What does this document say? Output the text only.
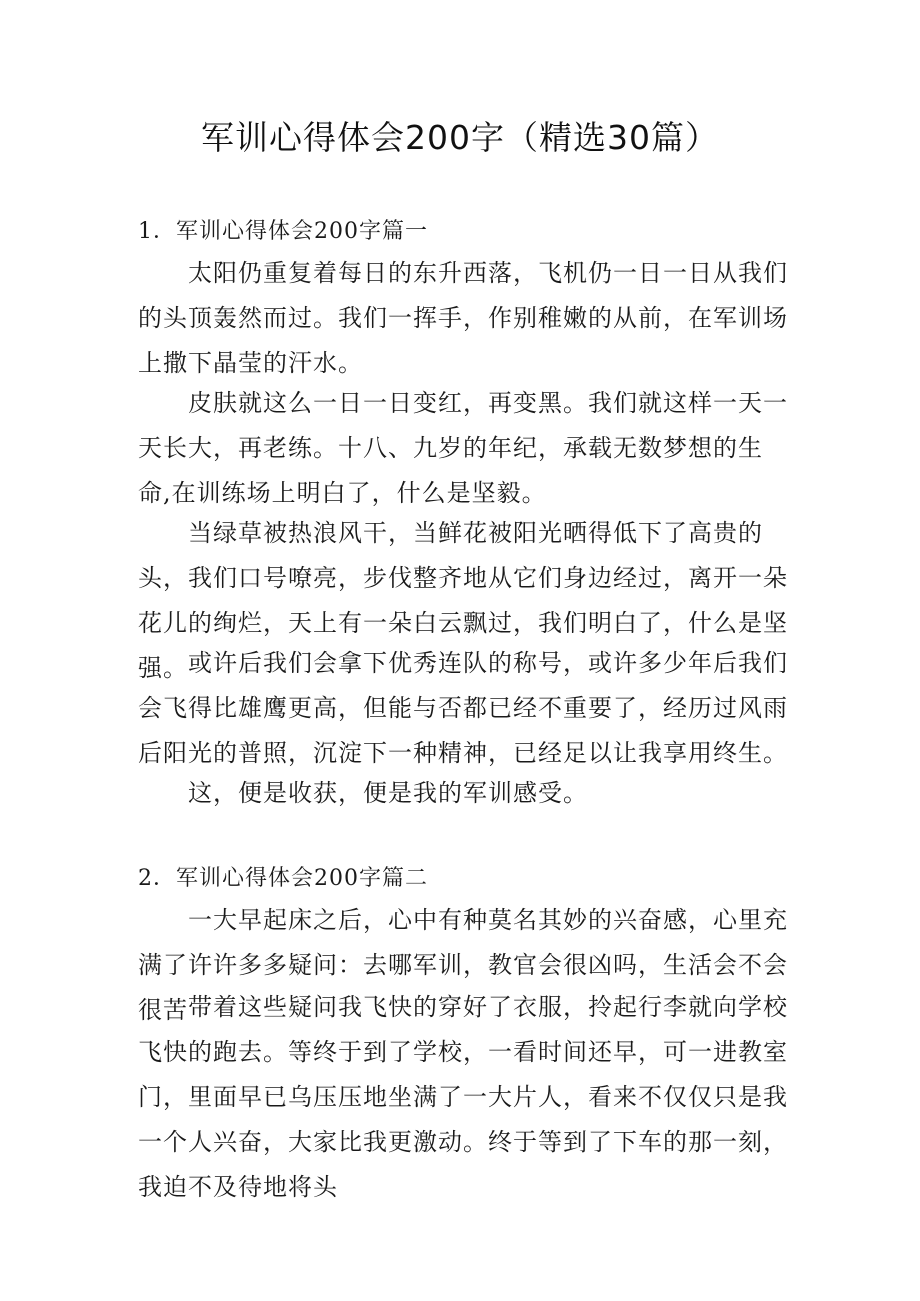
军训心得体会200字（精选30篇）
1．军训心得体会200字篇一

太阳仍重复着每日的东升西落，飞机仍一日一日从我们的头顶轰然而过。我们一挥手，作别稚嫩的从前，在军训场上撒下晶莹的汗水。

皮肤就这么一日一日变红，再变黑。我们就这样一天一天长大，再老练。十八、九岁的年纪，承载无数梦想的生命,在训练场上明白了，什么是坚毅。

当绿草被热浪风干，当鲜花被阳光晒得低下了高贵的头，我们口号嘹亮，步伐整齐地从它们身边经过，离开一朵花儿的绚烂，天上有一朵白云飘过，我们明白了，什么是坚强。 或许后我们会拿下优秀连队的称号，或许多少年后我们会飞得比雄鹰更高，但能与否都已经不重要了，经历过风雨后阳光的普照，沉淀下一种精神，已经足以让我享用终生。

这，便是收获，便是我的军训感受。

2．军训心得体会200字篇二

一大早起床之后，心中有种莫名其妙的兴奋感，心里充满了许许多多疑问：去哪军训，教官会很凶吗，生活会不会很苦 带着这些疑问我飞快的穿好了衣服，拎起行李就向学校飞快的跑去。等终于到了学校，一看时间还早，可一进教室门，里面早已乌压压地坐满了一大片人，看来不仅仅只是我一个人兴奋，大家比我更激动。终于等到了下车的那一刻，我迫不及待地将头
